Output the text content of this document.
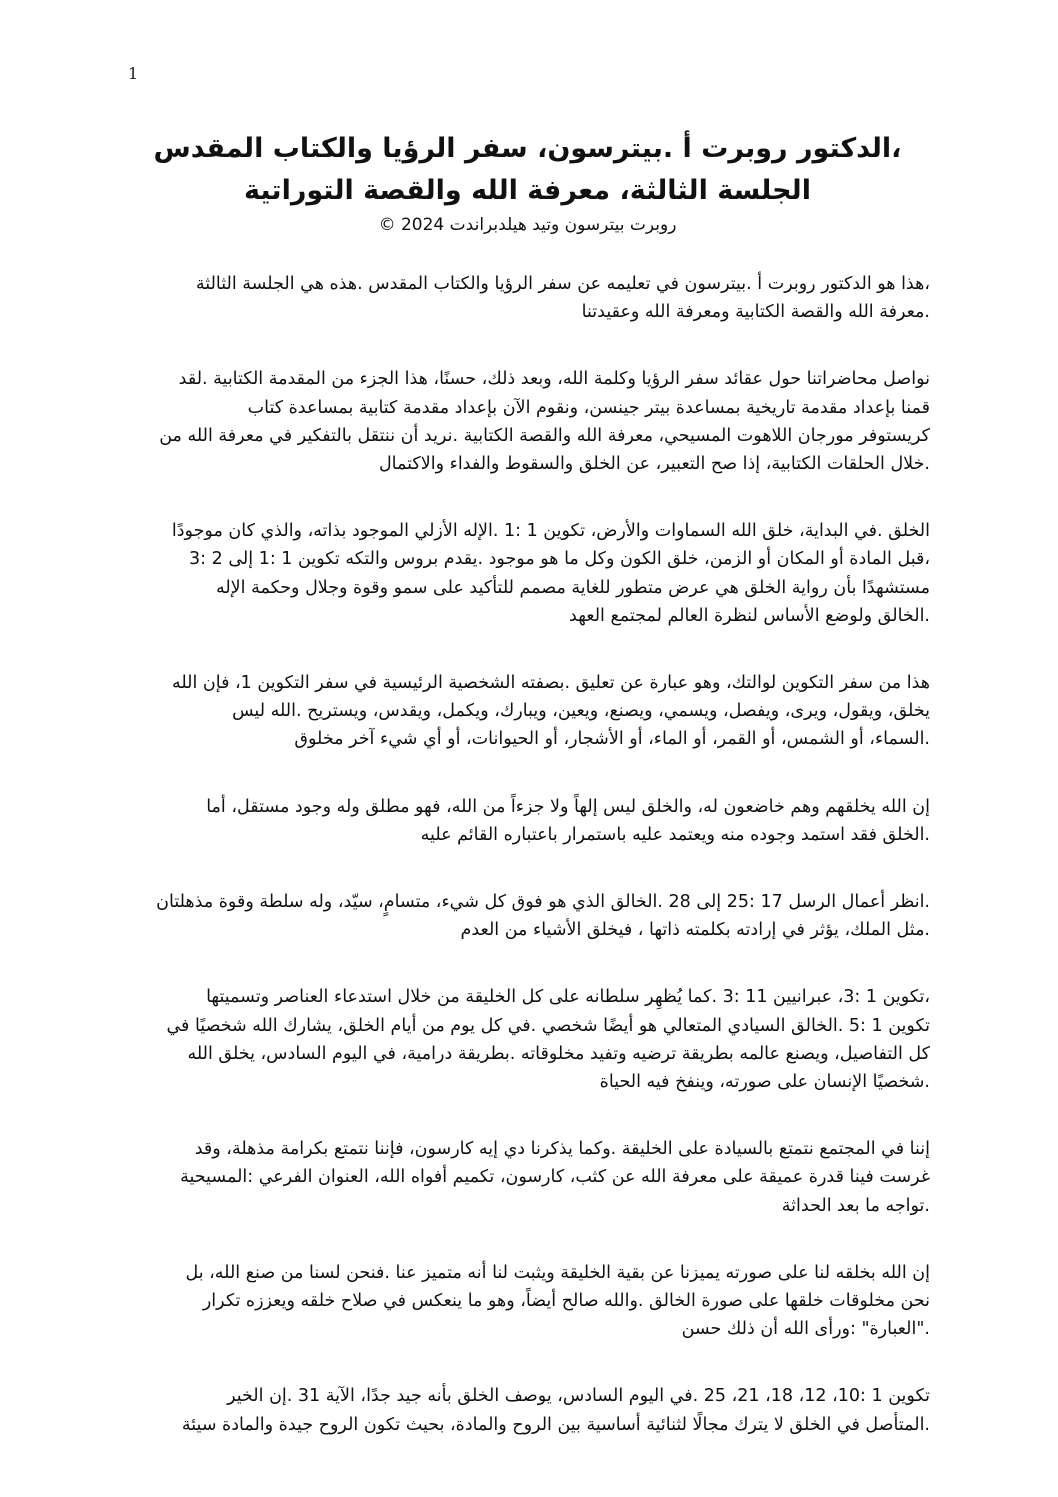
1
،الدكتور روبرت أ .بيترسون، سفر الرؤيا والكتاب المقدس
الجلسة الثالثة، معرفة الله والقصة التوراتية
روبرت بيترسون وتيد هيلدبراندت 2024 ©
،هذا هو الدكتور روبرت أ .بيترسون في تعليمه عن سفر الرؤيا والكتاب المقدس .هذه هي الجلسة الثالثة
.معرفة الله والقصة الكتابية ومعرفة الله وعقيدتنا
نواصل محاضراتنا حول عقائد سفر الرؤيا وكلمة الله، وبعد ذلك، حسنًا، هذا الجزء من المقدمة الكتابية .لقد
قمنا بإعداد مقدمة تاريخية بمساعدة بيتر جينسن، ونقوم الآن بإعداد مقدمة كتابية بمساعدة كتاب
كريستوفر مورجان اللاهوت المسيحي، معرفة الله والقصة الكتابية .نريد أن ننتقل بالتفكير في معرفة الله من
.خلال الحلقات الكتابية، إذا صح التعبير، عن الخلق والسقوط والفداء والاكتمال
الخلق .في البداية، خلق الله السماوات والأرض، تكوين 1 :1 .الإله الأزلي الموجود بذاته، والذي كان موجودًا
،قبل المادة أو المكان أو الزمن، خلق الكون وكل ما هو موجود .يقدم بروس والتكه تكوين 1 :1 إلى 2 :3
مستشهدًا بأن رواية الخلق هي عرض متطور للغاية مصمم للتأكيد على سمو وقوة وجلال وحكمة الإله
.الخالق ولوضع الأساس لنظرة العالم لمجتمع العهد
هذا من سفر التكوين لوالتك، وهو عبارة عن تعليق .بصفته الشخصية الرئيسية في سفر التكوين 1، فإن الله
يخلق، ويقول، ويرى، ويفصل، ويسمي، ويصنع، ويعين، ويبارك، ويكمل، ويقدس، ويستريح .الله ليس
.السماء، أو الشمس، أو القمر، أو الماء، أو الأشجار، أو الحيوانات، أو أي شيء آخر مخلوق
إن الله يخلقهم وهم خاضعون له، والخلق ليس إلهاً ولا جزءاً من الله، فهو مطلق وله وجود مستقل، أما
.الخلق فقد استمد وجوده منه ويعتمد عليه باستمرار باعتباره القائم عليه
.انظر أعمال الرسل 17 :25 إلى 28 .الخالق الذي هو فوق كل شيء، متسامٍ، سيّد، وله سلطة وقوة مذهلتان
.مثل الملك، يؤثر في إرادته بكلمته ذاتها ، فيخلق الأشياء من العدم
،تكوين 1 :3، عبرانيين 11 :3 .كما يُظهِر سلطانه على كل الخليقة من خلال استدعاء العناصر وتسميتها
تكوين 1 :5 .الخالق السيادي المتعالي هو أيضًا شخصي .في كل يوم من أيام الخلق، يشارك الله شخصيًا في
كل التفاصيل، ويصنع عالمه بطريقة ترضيه وتفيد مخلوقاته .بطريقة درامية، في اليوم السادس، يخلق الله
.شخصيًا الإنسان على صورته، وينفخ فيه الحياة
إننا في المجتمع نتمتع بالسيادة على الخليقة .وكما يذكرنا دي إيه كارسون، فإننا نتمتع بكرامة مذهلة، وقد
غرست فينا قدرة عميقة على معرفة الله عن كثب، كارسون، تكميم أفواه الله، العنوان الفرعي :المسيحية
.تواجه ما بعد الحداثة
إن الله بخلقه لنا على صورته يميزنا عن بقية الخليقة ويثبت لنا أنه متميز عنا .فنحن لسنا من صنع الله، بل
نحن مخلوقات خلقها على صورة الخالق .والله صالح أيضاً، وهو ما ينعكس في صلاح خلقه ويعززه تكرار
."العبارة" :ورأى الله أن ذلك حسن
تكوين 1 :10، 12، 18، 21، 25 .في اليوم السادس، يوصف الخلق بأنه جيد جدًا، الآية 31 .إن الخير
.المتأصل في الخلق لا يترك مجالًا لثنائية أساسية بين الروح والمادة، بحيث تكون الروح جيدة والمادة سيئة
